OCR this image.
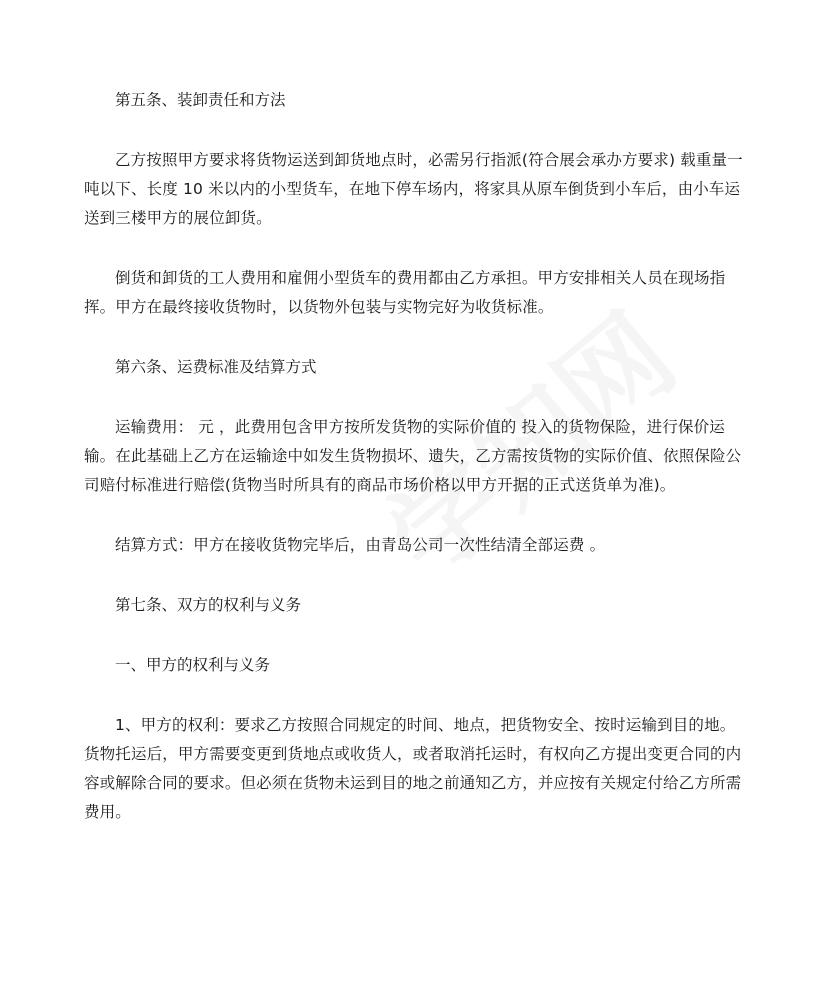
第五条、装卸责任和方法

乙方按照甲方要求将货物运送到卸货地点时，必需另行指派(符合展会承办方要求) 载重量一吨以下、长度 10 米以内的小型货车，在地下停车场内，将家具从原车倒货到小车后，由小车运送到三楼甲方的展位卸货。

倒货和卸货的工人费用和雇佣小型货车的费用都由乙方承担。甲方安排相关人员在现场指挥。甲方在最终接收货物时，以货物外包装与实物完好为收货标准。

第六条、运费标准及结算方式

运输费用： 元 ，此费用包含甲方按所发货物的实际价值的 投入的货物保险，进行保价运输。在此基础上乙方在运输途中如发生货物损坏、遗失，乙方需按货物的实际价值、依照保险公司赔付标准进行赔偿(货物当时所具有的商品市场价格以甲方开据的正式送货单为准)。

结算方式：甲方在接收货物完毕后，由青岛公司一次性结清全部运费 。

第七条、双方的权利与义务

一、甲方的权利与义务

1、甲方的权利：要求乙方按照合同规定的时间、地点，把货物安全、按时运输到目的地。货物托运后，甲方需要变更到货地点或收货人，或者取消托运时，有权向乙方提出变更合同的内容或解除合同的要求。但必须在货物未运到目的地之前通知乙方，并应按有关规定付给乙方所需费用。
